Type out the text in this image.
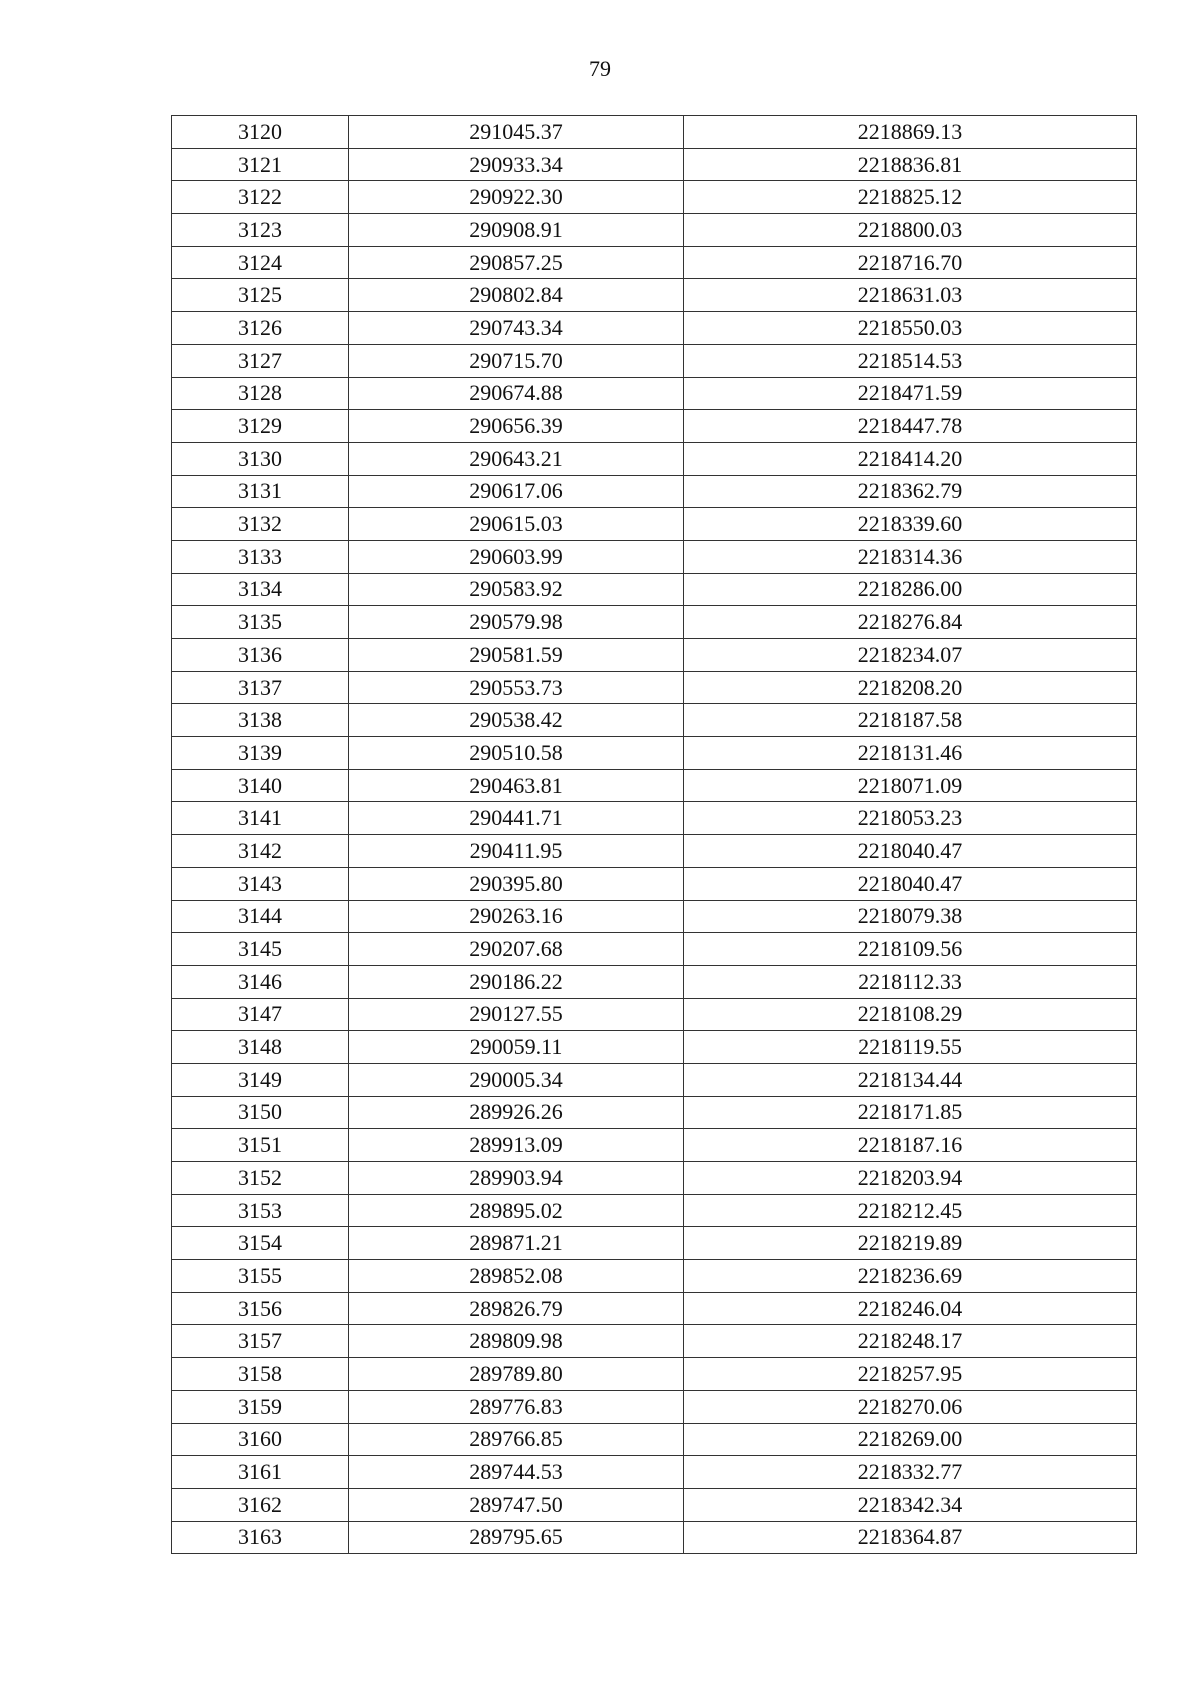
79
3120	291045.37	2218869.13
3121	290933.34	2218836.81
3122	290922.30	2218825.12
3123	290908.91	2218800.03
3124	290857.25	2218716.70
3125	290802.84	2218631.03
3126	290743.34	2218550.03
3127	290715.70	2218514.53
3128	290674.88	2218471.59
3129	290656.39	2218447.78
3130	290643.21	2218414.20
3131	290617.06	2218362.79
3132	290615.03	2218339.60
3133	290603.99	2218314.36
3134	290583.92	2218286.00
3135	290579.98	2218276.84
3136	290581.59	2218234.07
3137	290553.73	2218208.20
3138	290538.42	2218187.58
3139	290510.58	2218131.46
3140	290463.81	2218071.09
3141	290441.71	2218053.23
3142	290411.95	2218040.47
3143	290395.80	2218040.47
3144	290263.16	2218079.38
3145	290207.68	2218109.56
3146	290186.22	2218112.33
3147	290127.55	2218108.29
3148	290059.11	2218119.55
3149	290005.34	2218134.44
3150	289926.26	2218171.85
3151	289913.09	2218187.16
3152	289903.94	2218203.94
3153	289895.02	2218212.45
3154	289871.21	2218219.89
3155	289852.08	2218236.69
3156	289826.79	2218246.04
3157	289809.98	2218248.17
3158	289789.80	2218257.95
3159	289776.83	2218270.06
3160	289766.85	2218269.00
3161	289744.53	2218332.77
3162	289747.50	2218342.34
3163	289795.65	2218364.87
